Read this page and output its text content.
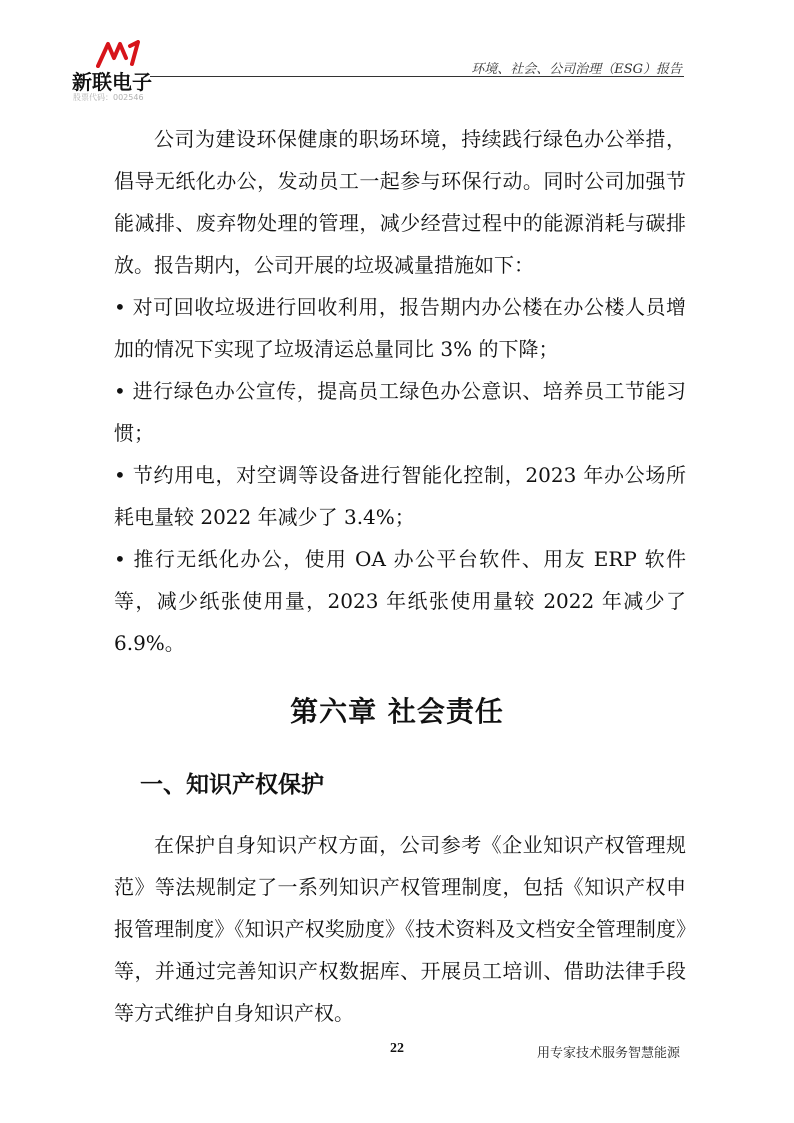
新联电子
股票代码：002546
环境、社会、公司治理（ESG）报告

公司为建设环保健康的职场环境，持续践行绿色办公举措，倡导无纸化办公，发动员工一起参与环保行动。同时公司加强节能减排、废弃物处理的管理，减少经营过程中的能源消耗与碳排放。报告期内，公司开展的垃圾减量措施如下：

• 对可回收垃圾进行回收利用，报告期内办公楼在办公楼人员增加的情况下实现了垃圾清运总量同比 3% 的下降；

• 进行绿色办公宣传，提高员工绿色办公意识、培养员工节能习惯；

• 节约用电，对空调等设备进行智能化控制，2023 年办公场所耗电量较 2022 年减少了 3.4%；

• 推行无纸化办公，使用 OA 办公平台软件、用友 ERP 软件等，减少纸张使用量，2023 年纸张使用量较 2022 年减少了 6.9%。

第六章 社会责任
一、知识产权保护

在保护自身知识产权方面，公司参考《企业知识产权管理规范》等法规制定了一系列知识产权管理制度，包括《知识产权申报管理制度》《知识产权奖励度》《技术资料及文档安全管理制度》等，并通过完善知识产权数据库、开展员工培训、借助法律手段等方式维护自身知识产权。

22	用专家技术服务智慧能源
